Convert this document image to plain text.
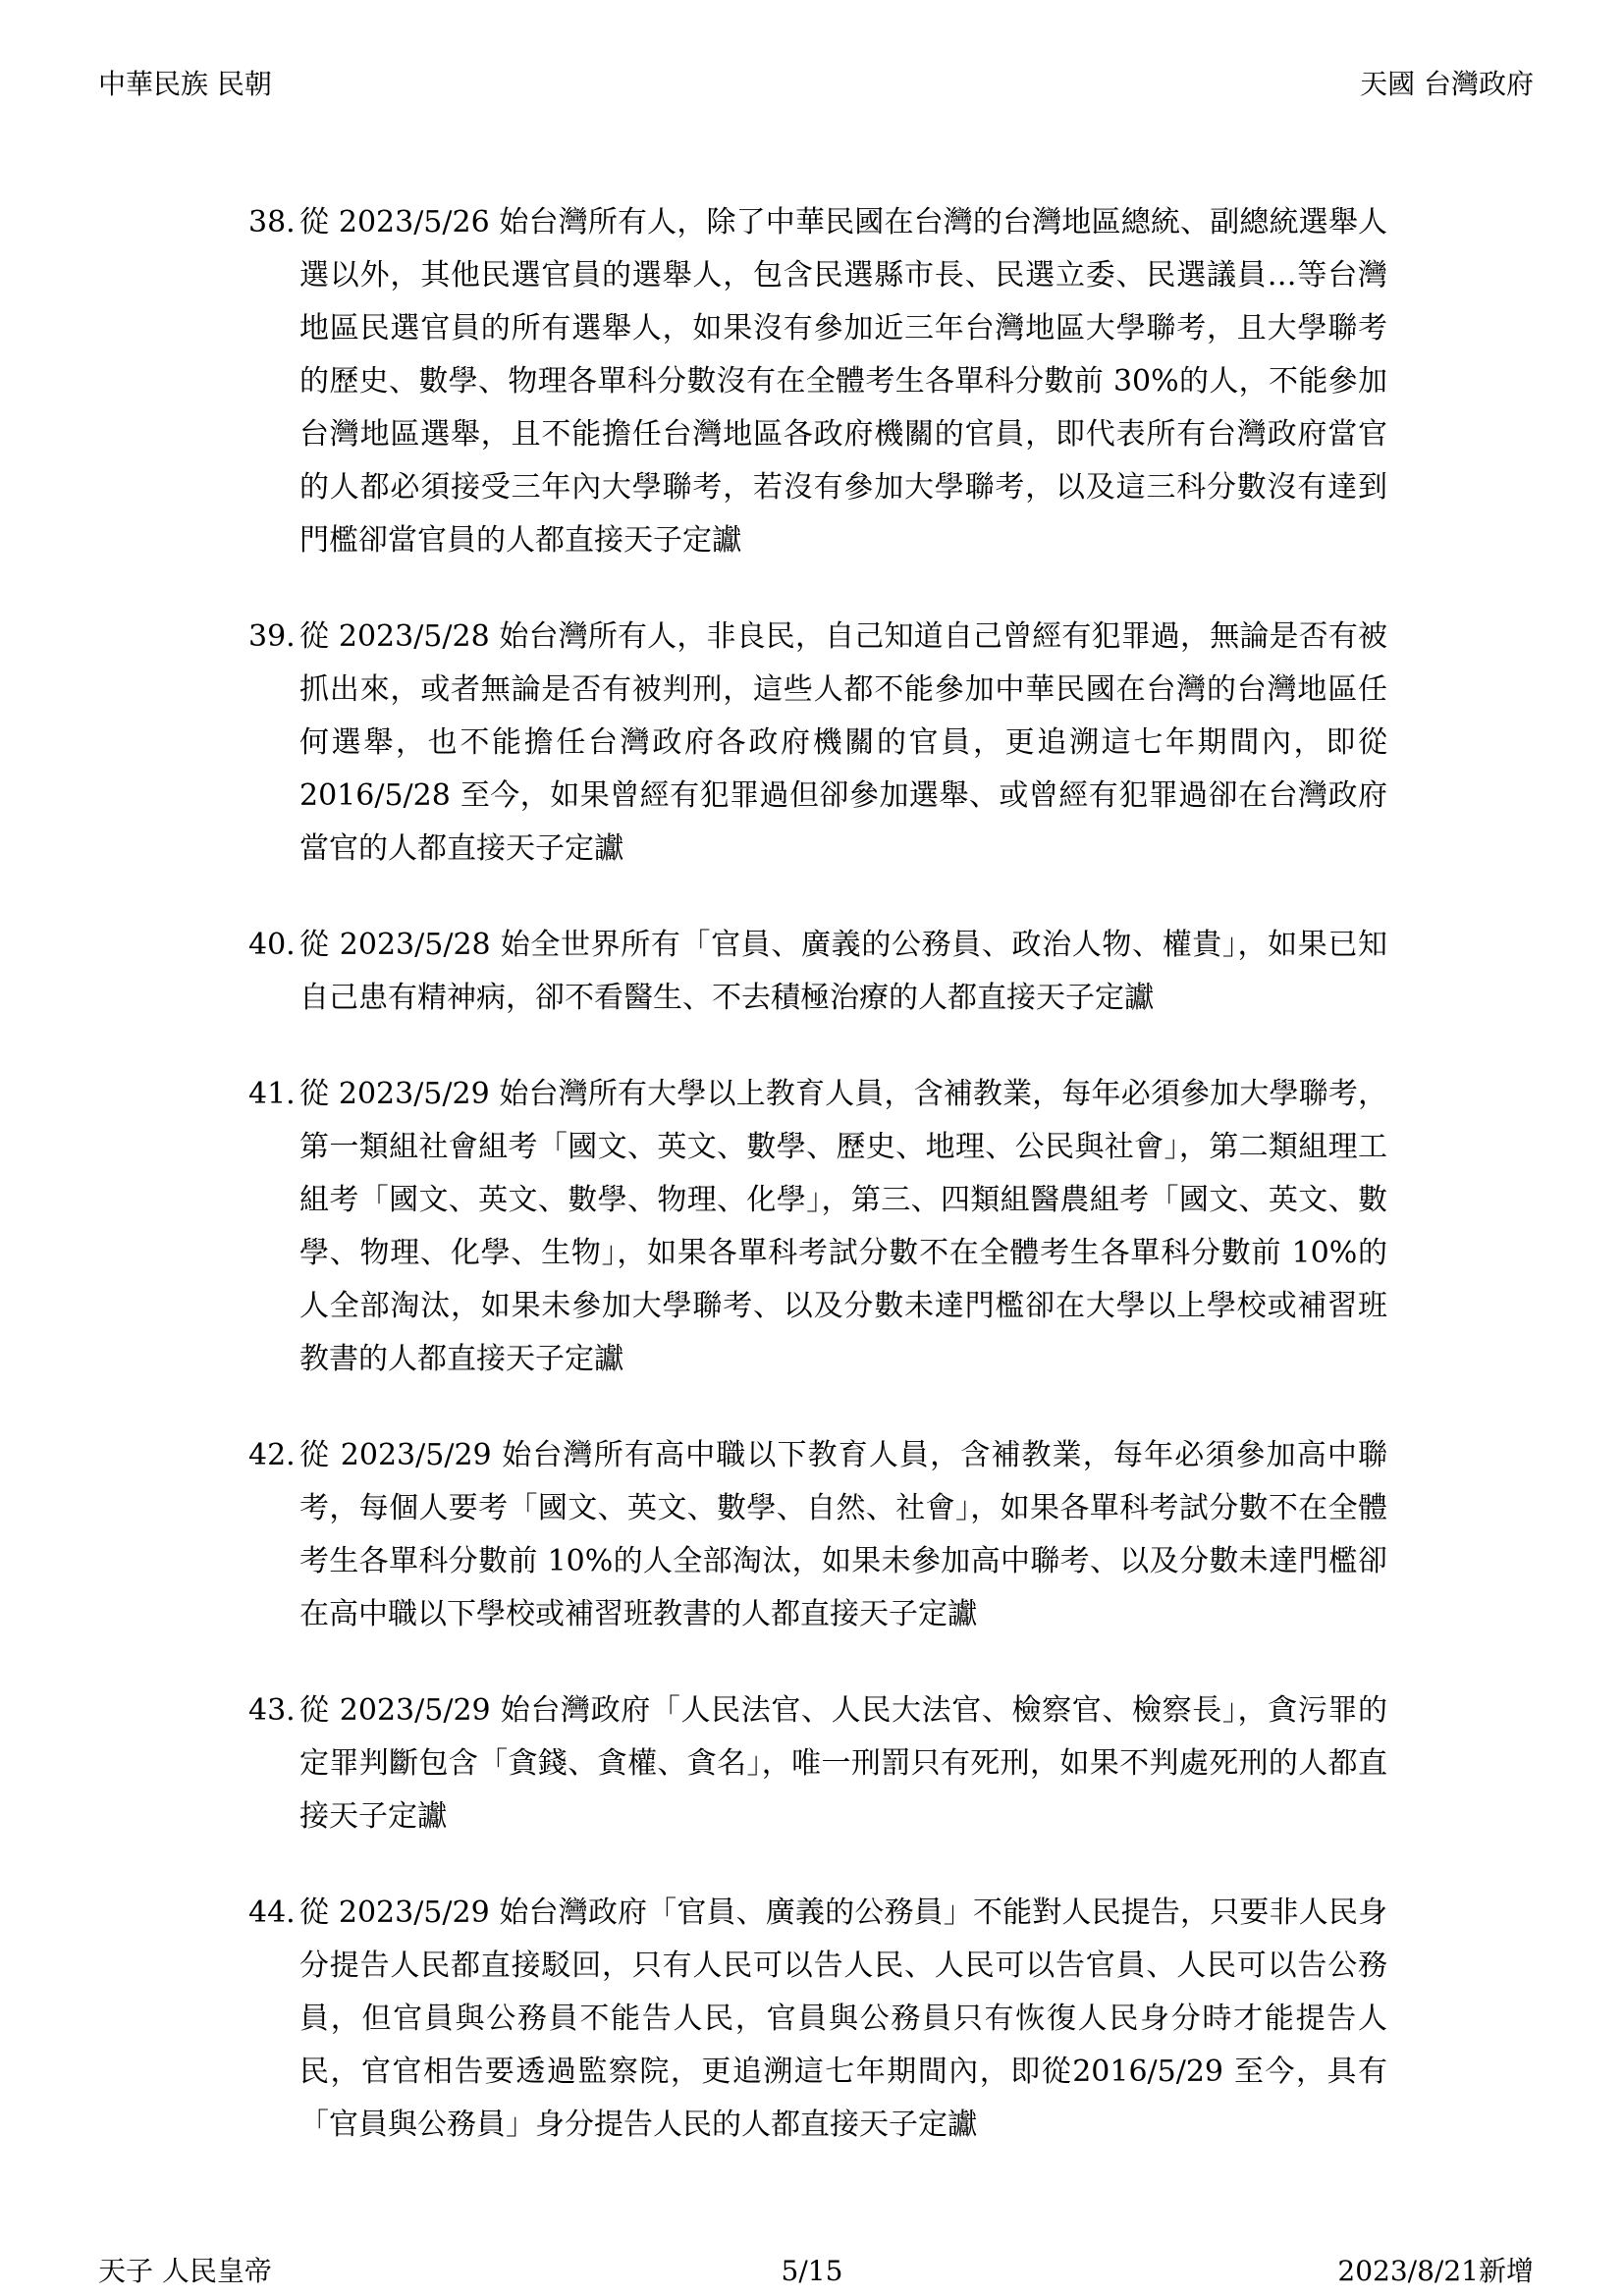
中華民族 民朝	天國 台灣政府
38. 從 2023/5/26 始台灣所有人，除了中華民國在台灣的台灣地區總統、副總統選舉人選以外，其他民選官員的選舉人，包含民選縣市長、民選立委、民選議員…等台灣地區民選官員的所有選舉人，如果沒有參加近三年台灣地區大學聯考，且大學聯考的歷史、數學、物理各單科分數沒有在全體考生各單科分數前 30%的人，不能參加台灣地區選舉，且不能擔任台灣地區各政府機關的官員，即代表所有台灣政府當官的人都必須接受三年內大學聯考，若沒有參加大學聯考，以及這三科分數沒有達到門檻卻當官員的人都直接天子定讞
39. 從 2023/5/28 始台灣所有人，非良民，自己知道自己曾經有犯罪過，無論是否有被抓出來，或者無論是否有被判刑，這些人都不能參加中華民國在台灣的台灣地區任何選舉，也不能擔任台灣政府各政府機關的官員，更追溯這七年期間內，即從 2016/5/28 至今，如果曾經有犯罪過但卻參加選舉、或曾經有犯罪過卻在台灣政府當官的人都直接天子定讞
40. 從 2023/5/28 始全世界所有「官員、廣義的公務員、政治人物、權貴」，如果已知自己患有精神病，卻不看醫生、不去積極治療的人都直接天子定讞
41. 從 2023/5/29 始台灣所有大學以上教育人員，含補教業，每年必須參加大學聯考，第一類組社會組考「國文、英文、數學、歷史、地理、公民與社會」，第二類組理工組考「國文、英文、數學、物理、化學」，第三、四類組醫農組考「國文、英文、數學、物理、化學、生物」，如果各單科考試分數不在全體考生各單科分數前 10%的人全部淘汰，如果未參加大學聯考、以及分數未達門檻卻在大學以上學校或補習班教書的人都直接天子定讞
42. 從 2023/5/29 始台灣所有高中職以下教育人員，含補教業，每年必須參加高中聯考，每個人要考「國文、英文、數學、自然、社會」，如果各單科考試分數不在全體考生各單科分數前 10%的人全部淘汰，如果未參加高中聯考、以及分數未達門檻卻在高中職以下學校或補習班教書的人都直接天子定讞
43. 從 2023/5/29 始台灣政府「人民法官、人民大法官、檢察官、檢察長」，貪污罪的定罪判斷包含「貪錢、貪權、貪名」，唯一刑罰只有死刑，如果不判處死刑的人都直接天子定讞
44. 從 2023/5/29 始台灣政府「官員、廣義的公務員」不能對人民提告，只要非人民身分提告人民都直接駁回，只有人民可以告人民、人民可以告官員、人民可以告公務員，但官員與公務員不能告人民，官員與公務員只有恢復人民身分時才能提告人民，官官相告要透過監察院，更追溯這七年期間內，即從2016/5/29 至今，具有「官員與公務員」身分提告人民的人都直接天子定讞
天子 人民皇帝	5/15	2023/8/21新增
